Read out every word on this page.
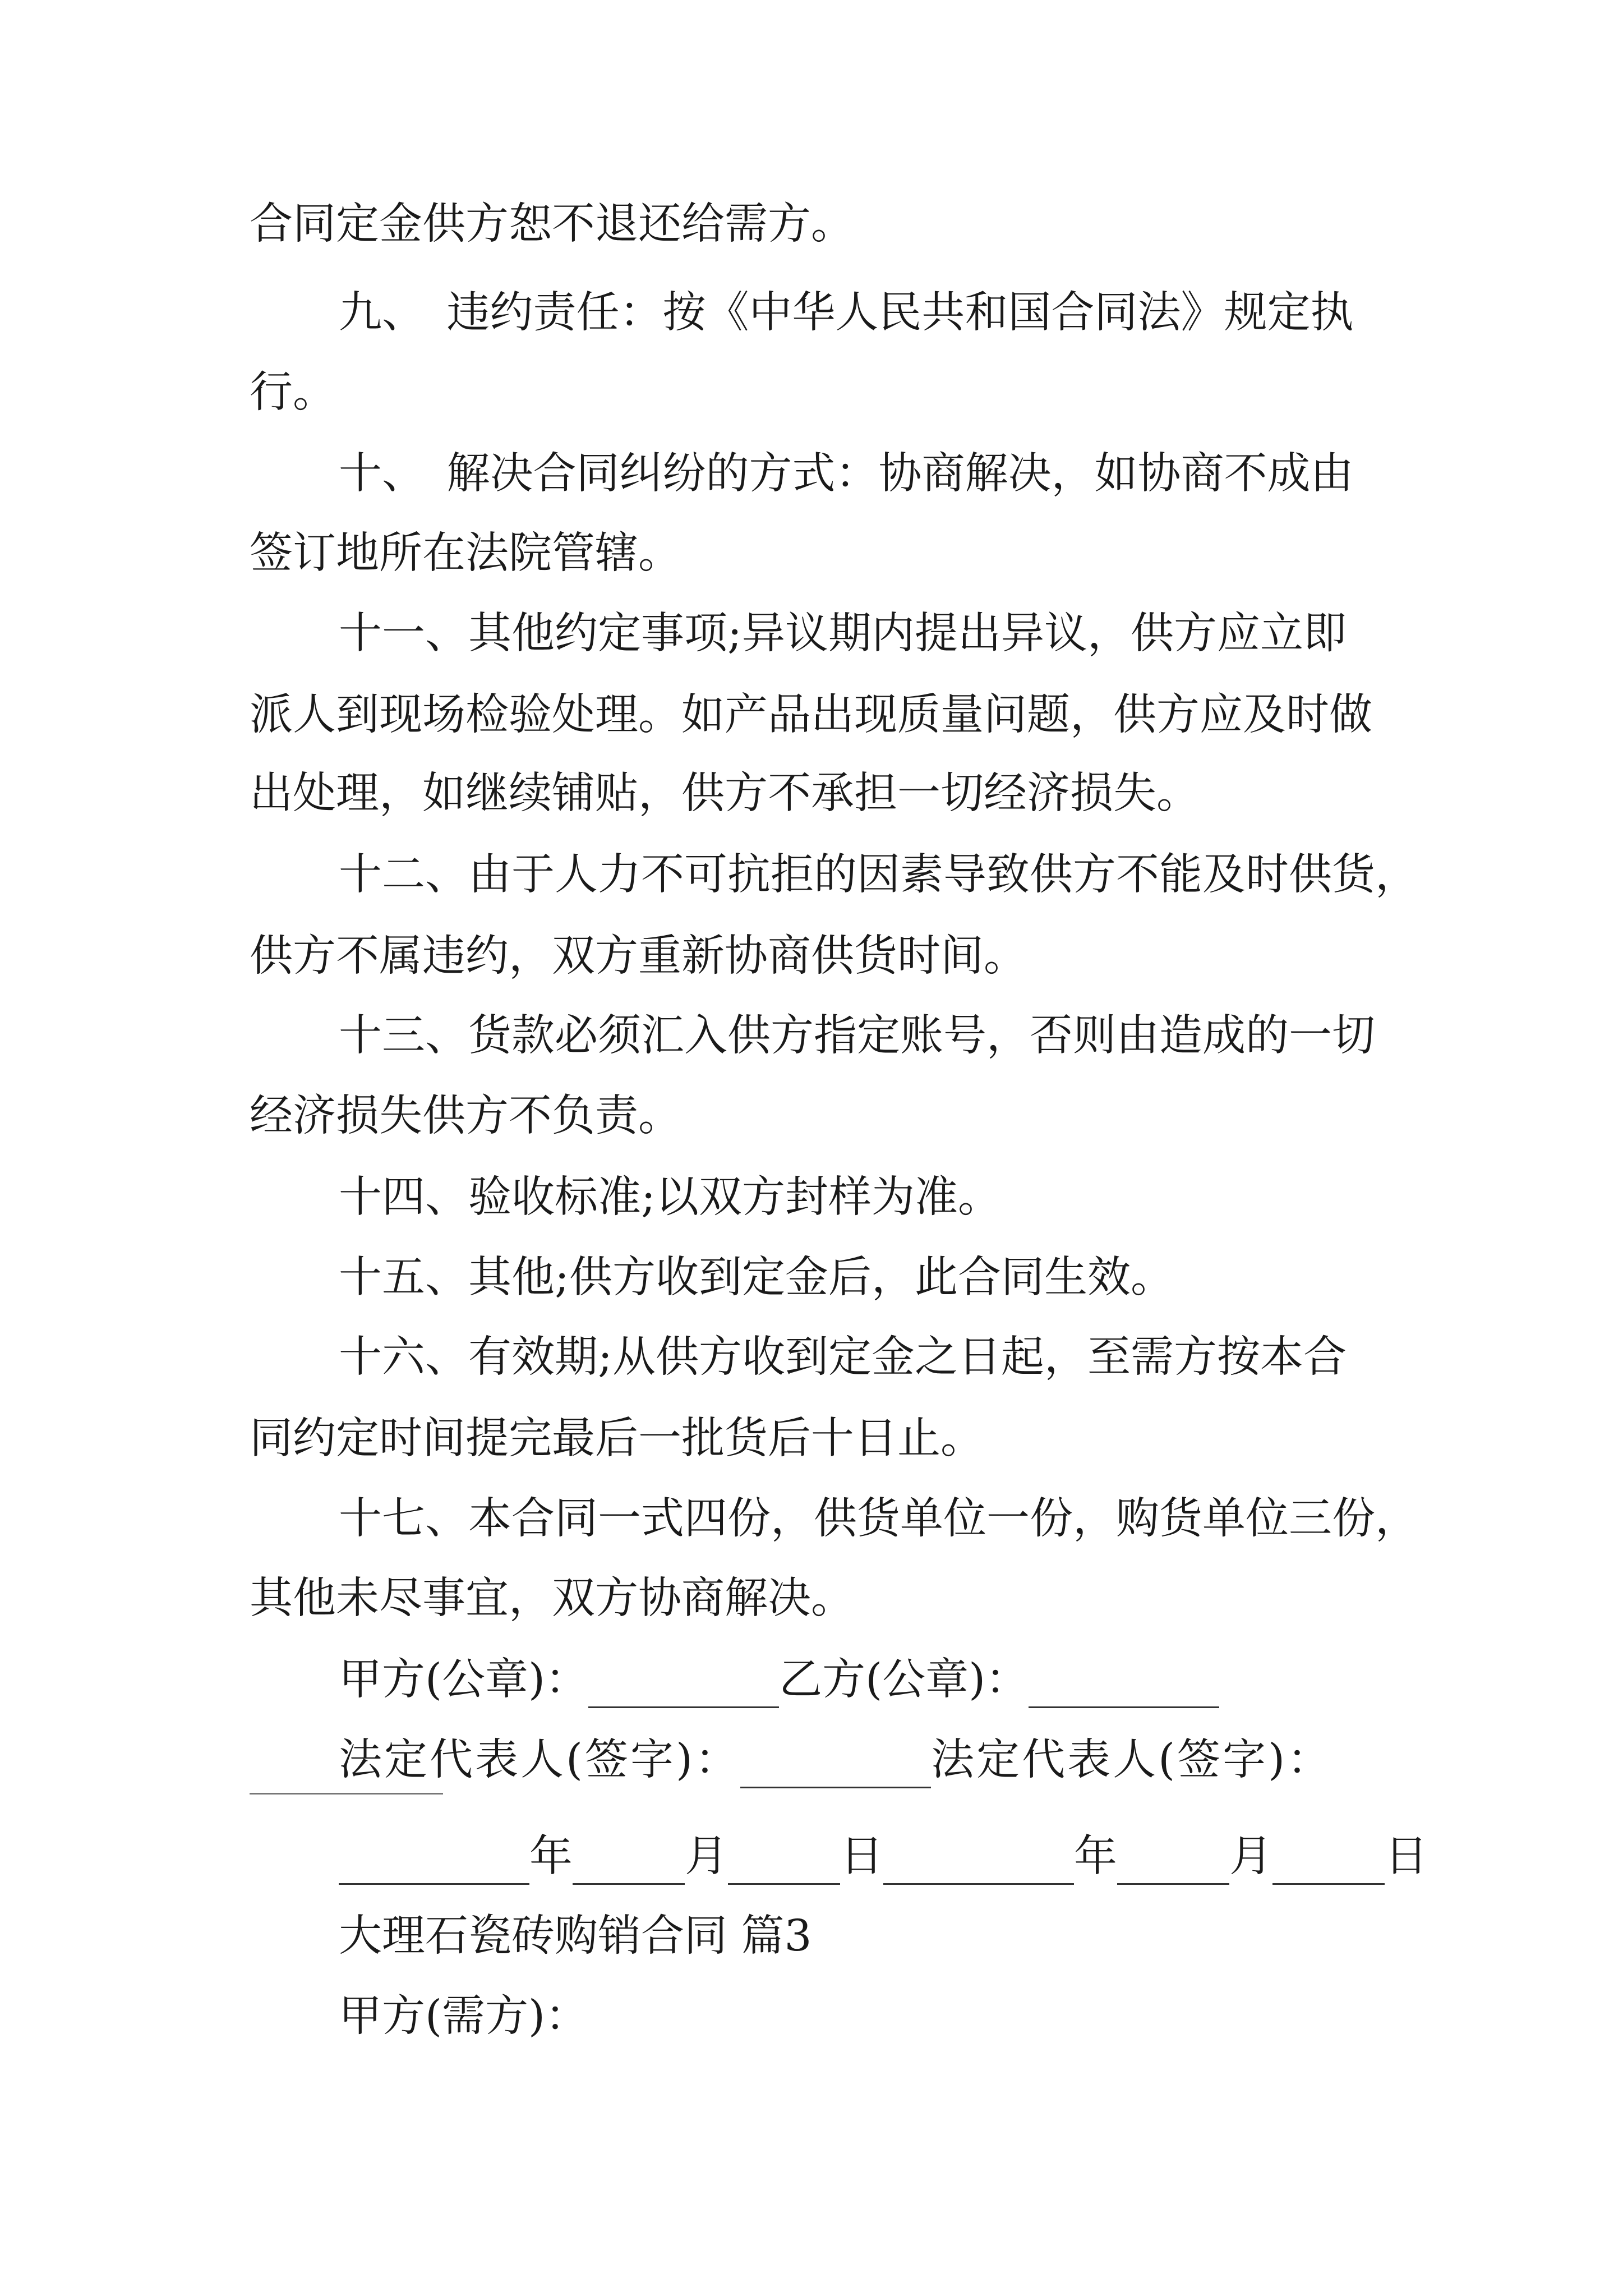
合同定金供方恕不退还给需方。
九、　违约责任：按《中华人民共和国合同法》规定执
行。
十、　解决合同纠纷的方式：协商解决，如协商不成由
签订地所在法院管辖。
十一、其他约定事项;异议期内提出异议，供方应立即
派人到现场检验处理。如产品出现质量问题，供方应及时做
出处理，如继续铺贴，供方不承担一切经济损失。
十二、由于人力不可抗拒的因素导致供方不能及时供货，
供方不属违约，双方重新协商供货时间。
十三、货款必须汇入供方指定账号，否则由造成的一切
经济损失供方不负责。
十四、验收标准;以双方封样为准。
十五、其他;供方收到定金后，此合同生效。
十六、有效期;从供方收到定金之日起，至需方按本合
同约定时间提完最后一批货后十日止。
十七、本合同一式四份，供货单位一份，购货单位三份，
其他未尽事宜，双方协商解决。
甲方(公章)：	乙方(公章)：
法定代表人(签字)：	法定代表人(签字)：
年	月	日	年	月	日
大理石瓷砖购销合同 篇3
甲方(需方)：
